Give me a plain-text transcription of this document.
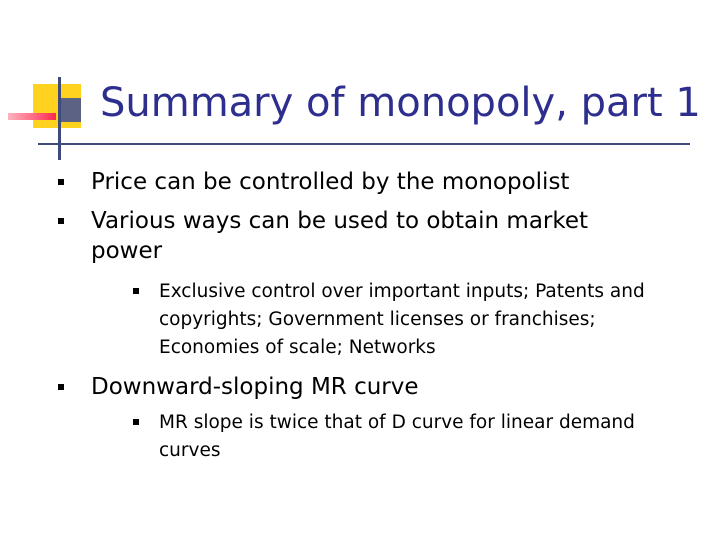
Summary of monopoly, part 1
Price can be controlled by the monopolist
Various ways can be used to obtain market power
Exclusive control over important inputs; Patents and copyrights; Government licenses or franchises; Economies of scale; Networks
Downward-sloping MR curve
MR slope is twice that of D curve for linear demand curves
